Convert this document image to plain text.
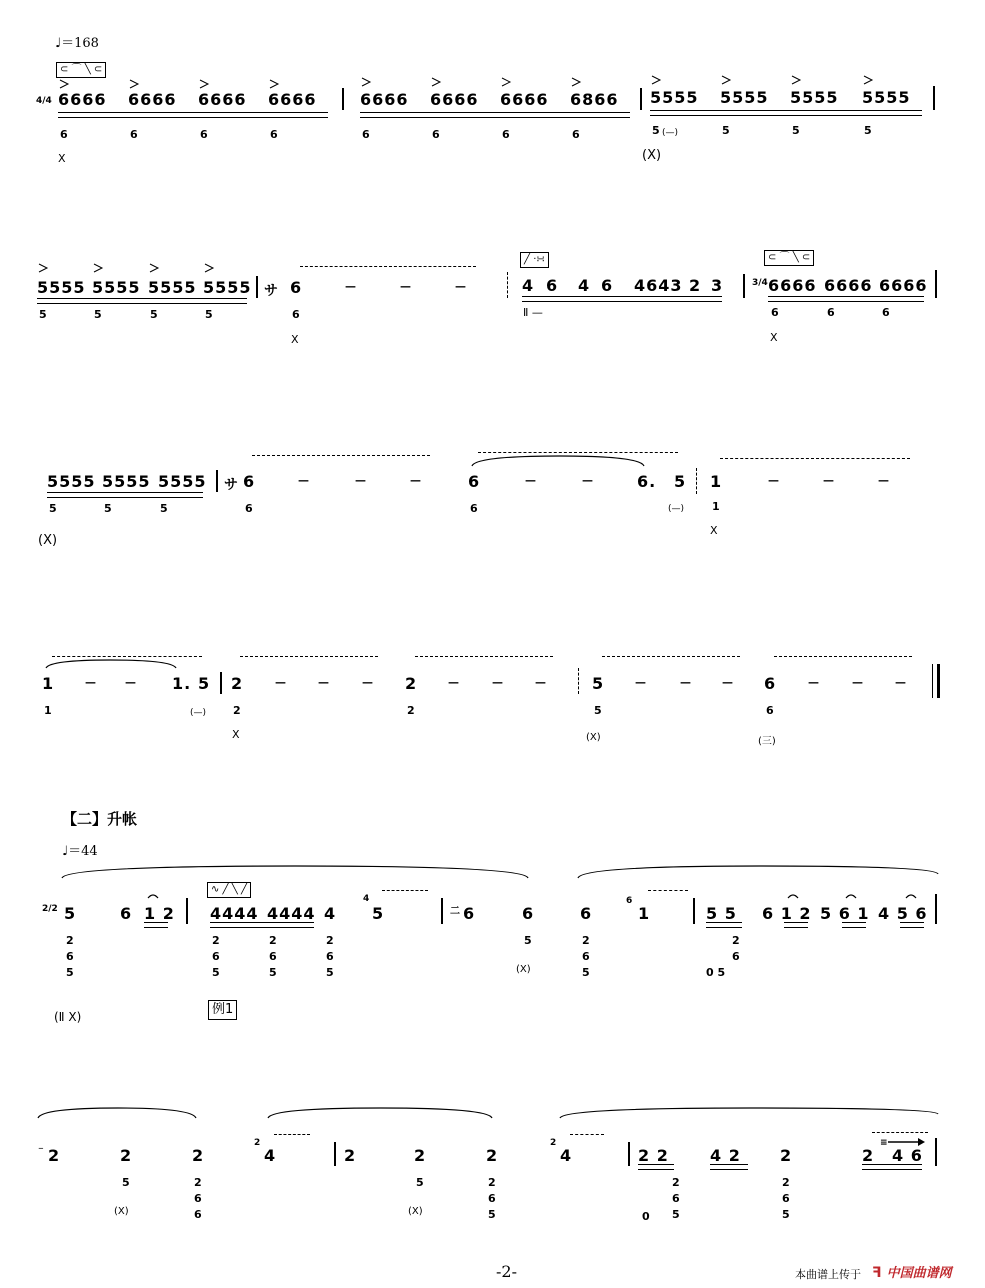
♩＝168
⊂ ⌒ ╲ ⊂
4/4 6666 6666 6666 6666	6666 6666 6666 6866 5555 5555 5555 5555
6	6	6	6	6	6	6	6	5	5	5	5
(—)
X	(X)
5555 5555 5555 5555 サ 6	—	—	—
6
X
╱ ·∺
4 6 4 6 4643 2 3
Ⅱ —
⊂ ⌒ ╲ ⊂
3/4 6666 6666 6666
6	6	6
X
5	5	5	5
5555 5555 5555
5	5	5
(X)
サ 6	—	—	—
6
6	—	—	6. 5
6	(—)
1	—	—	—
1
X
1	—	— 1. 5
1	(—)
2	—	—	—
2
X
2	—	—	—
2
5	—	—	—
5
(X)
6	—	—	—
6
(三)
【二】升帐
♩＝44
2/2 5	6 1 2
2
6
5
(Ⅱ X)
∿ ╱ ╲ ╱
4444 4444 4
4
5
2
6
5
2
6
5
2
6
5
例1
二 6	6
5
(X)
6
6
1
2
6
5
5 5 6 1 2 5 6 1 4 5 6
2
6
0 5
⁻ 2	2	2
5
(X)
2
6
6
2
4	2	2	2
5
(X)
2
6
5
2
4	2 2	4 2 2	2
≡
4 6
2
6
5
0
2
6
5
-2-	本曲谱上传于 ꟻ 中国曲谱网
